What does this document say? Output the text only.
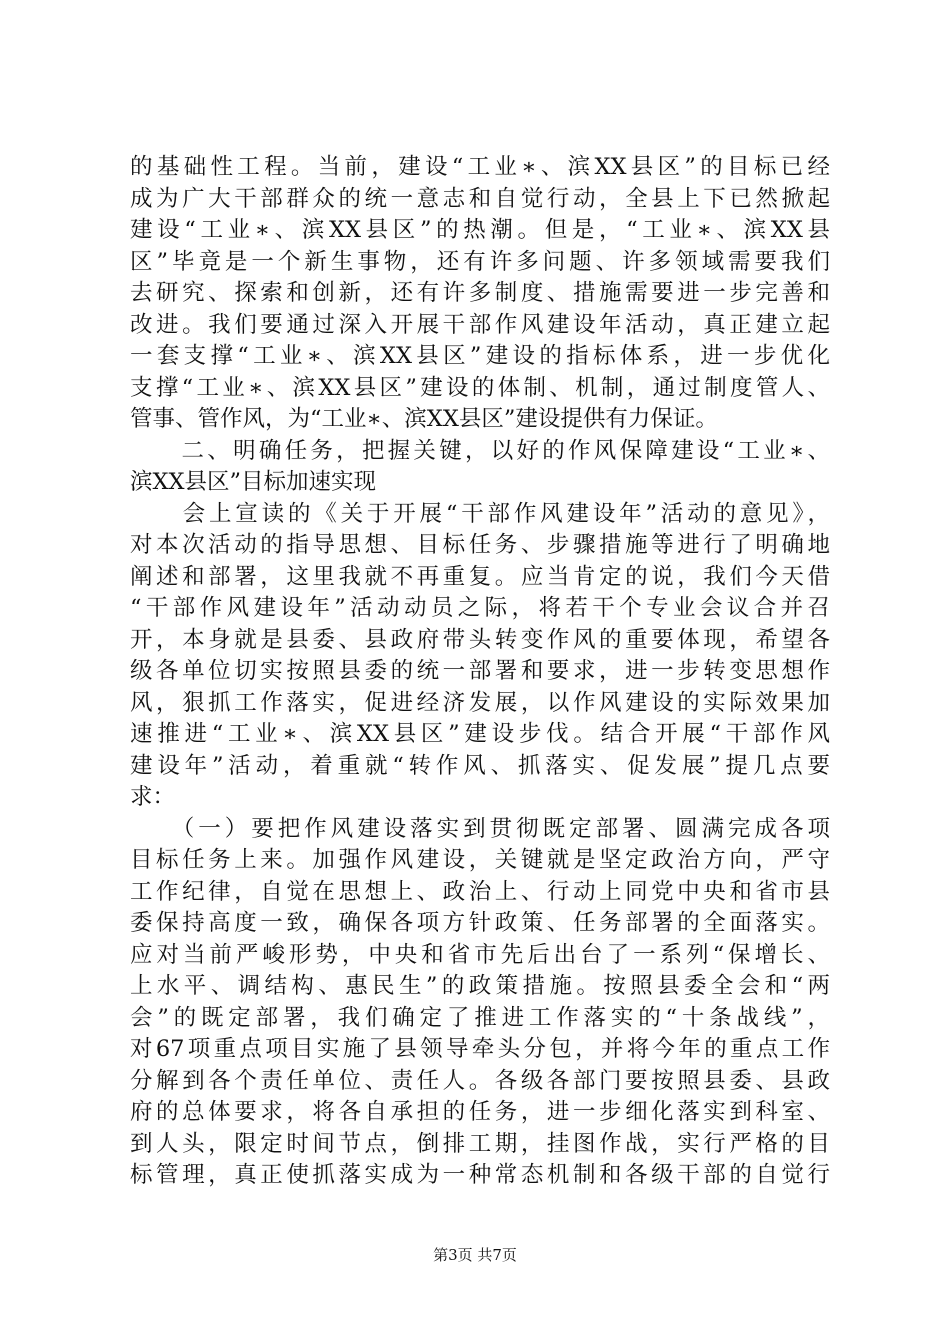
的基础性工程。当前，建设“工业∗、滨XX县区”的目标已经
成为广大干部群众的统一意志和自觉行动，全县上下已然掀起
建设“工业∗、滨XX县区”的热潮。但是，“工业∗、滨XX县
区”毕竟是一个新生事物，还有许多问题、许多领域需要我们
去研究、探索和创新，还有许多制度、措施需要进一步完善和
改进。我们要通过深入开展干部作风建设年活动，真正建立起
一套支撑“工业∗、滨XX县区”建设的指标体系，进一步优化
支撑“工业∗、滨XX县区”建设的体制、机制，通过制度管人、
管事、管作风，为“工业∗、滨XX县区”建设提供有力保证。
　　二、明确任务，把握关键，以好的作风保障建设“工业∗、
滨XX县区”目标加速实现
　　会上宣读的《关于开展“干部作风建设年”活动的意见》，
对本次活动的指导思想、目标任务、步骤措施等进行了明确地
阐述和部署，这里我就不再重复。应当肯定的说，我们今天借
“干部作风建设年”活动动员之际，将若干个专业会议合并召
开，本身就是县委、县政府带头转变作风的重要体现，希望各
级各单位切实按照县委的统一部署和要求，进一步转变思想作
风，狠抓工作落实，促进经济发展，以作风建设的实际效果加
速推进“工业∗、滨XX县区”建设步伐。结合开展“干部作风
建设年”活动，着重就“转作风、抓落实、促发展”提几点要
求：
　　（一）要把作风建设落实到贯彻既定部署、圆满完成各项
目标任务上来。加强作风建设，关键就是坚定政治方向，严守
工作纪律，自觉在思想上、政治上、行动上同党中央和省市县
委保持高度一致，确保各项方针政策、任务部署的全面落实。
应对当前严峻形势，中央和省市先后出台了一系列“保增长、
上水平、调结构、惠民生”的政策措施。按照县委全会和“两
会”的既定部署，我们确定了推进工作落实的“十条战线”，
对67项重点项目实施了县领导牵头分包，并将今年的重点工作
分解到各个责任单位、责任人。各级各部门要按照县委、县政
府的总体要求，将各自承担的任务，进一步细化落实到科室、
到人头，限定时间节点，倒排工期，挂图作战，实行严格的目
标管理，真正使抓落实成为一种常态机制和各级干部的自觉行
第3页 共7页
